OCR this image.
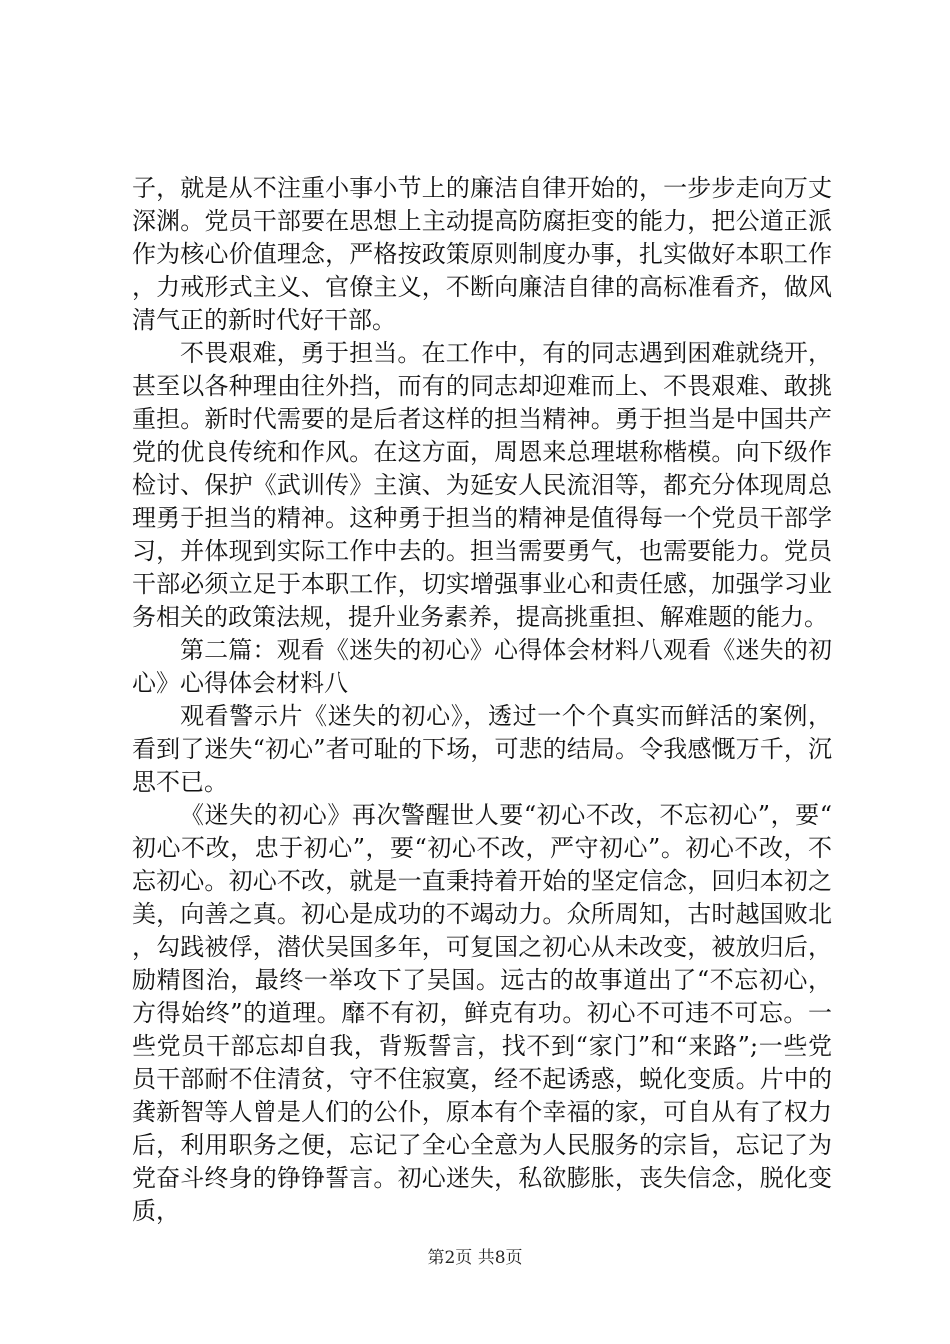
子，就是从不注重小事小节上的廉洁自律开始的，一步步走向万丈深渊。党员干部要在思想上主动提高防腐拒变的能力，把公道正派作为核心价值理念，严格按政策原则制度办事，扎实做好本职工作，力戒形式主义、官僚主义，不断向廉洁自律的高标准看齐，做风清气正的新时代好干部。

不畏艰难，勇于担当。在工作中，有的同志遇到困难就绕开，甚至以各种理由往外挡，而有的同志却迎难而上、不畏艰难、敢挑重担。新时代需要的是后者这样的担当精神。勇于担当是中国共产党的优良传统和作风。在这方面，周恩来总理堪称楷模。向下级作检讨、保护《武训传》主演、为延安人民流泪等，都充分体现周总理勇于担当的精神。这种勇于担当的精神是值得每一个党员干部学习，并体现到实际工作中去的。担当需要勇气，也需要能力。党员干部必须立足于本职工作，切实增强事业心和责任感，加强学习业务相关的政策法规，提升业务素养，提高挑重担、解难题的能力。

第二篇：观看《迷失的初心》心得体会材料八观看《迷失的初心》心得体会材料八

观看警示片《迷失的初心》，透过一个个真实而鲜活的案例，看到了迷失“初心”者可耻的下场，可悲的结局。令我感慨万千，沉思不已。

《迷失的初心》再次警醒世人要“初心不改，不忘初心”，要“初心不改，忠于初心”，要“初心不改，严守初心”。初心不改，不忘初心。初心不改，就是一直秉持着开始的坚定信念，回归本初之美，向善之真。初心是成功的不竭动力。众所周知，古时越国败北，勾践被俘，潜伏吴国多年，可复国之初心从未改变，被放归后，励精图治，最终一举攻下了吴国。远古的故事道出了“不忘初心，方得始终”的道理。靡不有初，鲜克有功。初心不可违不可忘。一些党员干部忘却自我，背叛誓言，找不到“家门”和“来路”;一些党员干部耐不住清贫，守不住寂寞，经不起诱惑，蜕化变质。片中的龚新智等人曾是人们的公仆，原本有个幸福的家，可自从有了权力后，利用职务之便，忘记了全心全意为人民服务的宗旨，忘记了为党奋斗终身的铮铮誓言。初心迷失，私欲膨胀，丧失信念，脱化变质，

第2页 共8页
